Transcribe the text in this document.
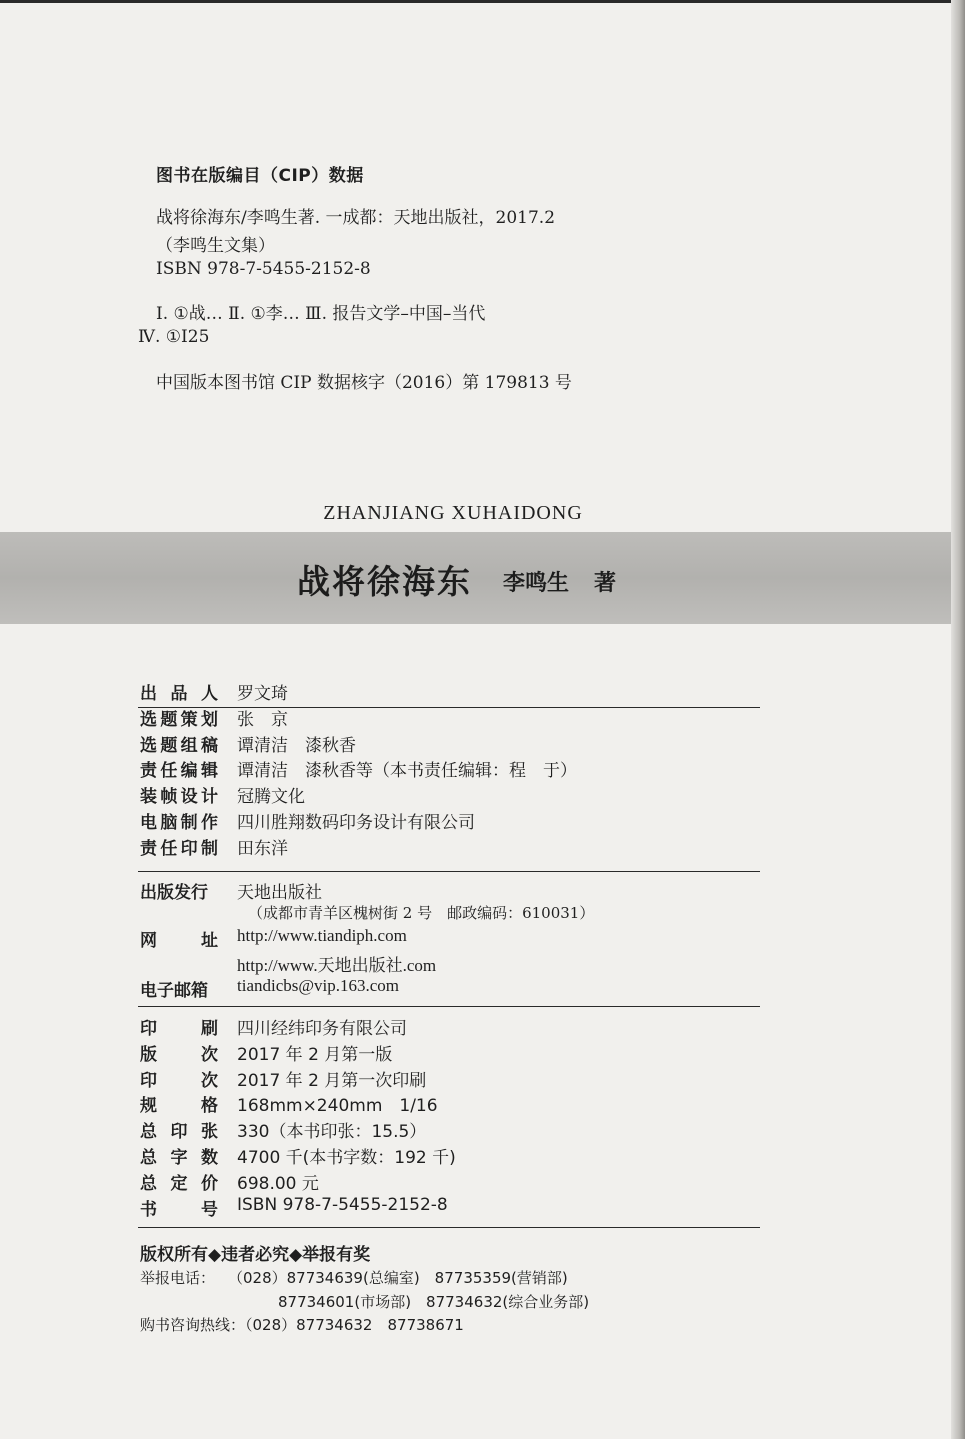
图书在版编目（CIP）数据
战将徐海东/李鸣生著. 一成都：天地出版社，2017.2
（李鸣生文集）
ISBN 978-7-5455-2152-8
Ⅰ. ①战… Ⅱ. ①李… Ⅲ. 报告文学–中国–当代
Ⅳ. ①I25
中国版本图书馆 CIP 数据核字（2016）第 179813 号
ZHANJIANG XUHAIDONG
战将徐海东 李鸣生 著
出 品 人 罗文琦
选 题 策 划 张　京
选 题 组 稿 谭清洁　漆秋香
责 任 编 辑 谭清洁　漆秋香等（本书责任编辑：程　于）
装 帧 设 计 冠腾文化
电 脑 制 作 四川胜翔数码印务设计有限公司
责 任 印 制 田东洋
出版发行 天地出版社
（成都市青羊区槐树街 2 号　邮政编码：610031）
网	址 http://www.tiandiph.com
http://www.天地出版社.com
电子邮箱 tiandicbs@vip.163.com
印	刷 四川经纬印务有限公司
版	次 2017 年 2 月第一版
印	次 2017 年 2 月第一次印刷
规	格 168mm×240mm　1/16
总 印 张 330（本书印张：15.5）
总 字 数 4700 千(本书字数：192 千)
总 定 价 698.00 元
书	号 ISBN 978-7-5455-2152-8
版权所有◆违者必究◆举报有奖
举报电话： （028）87734639(总编室)　87735359(营销部)
87734601(市场部)　87734632(综合业务部)
购书咨询热线：（028）87734632　87738671
